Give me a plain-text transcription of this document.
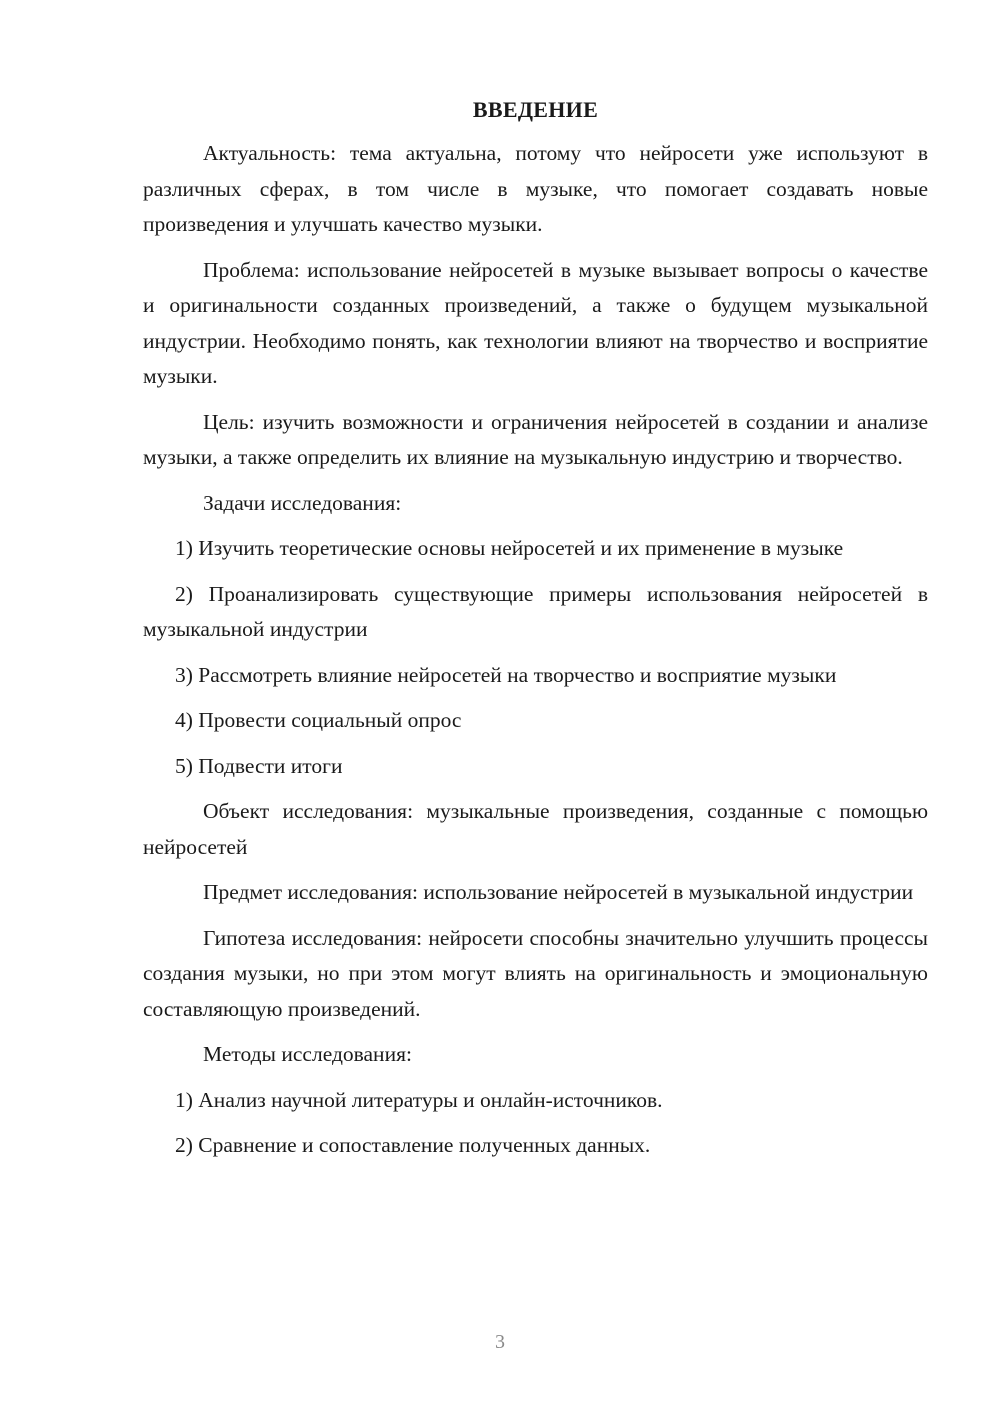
ВВЕДЕНИЕ

Актуальность: тема актуальна, потому что нейросети уже используют в различных сферах, в том числе в музыке, что помогает создавать новые произведения и улучшать качество музыки.

Проблема: использование нейросетей в музыке вызывает вопросы о качестве и оригинальности созданных произведений, а также о будущем музыкальной индустрии. Необходимо понять, как технологии влияют на творчество и восприятие музыки.

Цель: изучить возможности и ограничения нейросетей в создании и анализе музыки, а также определить их влияние на музыкальную индустрию и творчество.

Задачи исследования:

1) Изучить теоретические основы нейросетей и их применение в музыке

2) Проанализировать существующие примеры использования нейросетей в музыкальной индустрии

3) Рассмотреть влияние нейросетей на творчество и восприятие музыки

4) Провести социальный опрос

5) Подвести итоги

Объект исследования: музыкальные произведения, созданные с помощью нейросетей

Предмет исследования: использование нейросетей в музыкальной индустрии

Гипотеза исследования: нейросети способны значительно улучшить процессы создания музыки, но при этом могут влиять на оригинальность и эмоциональную составляющую произведений.

Методы исследования:

1) Анализ научной литературы и онлайн-источников.

2) Сравнение и сопоставление полученных данных.

3
